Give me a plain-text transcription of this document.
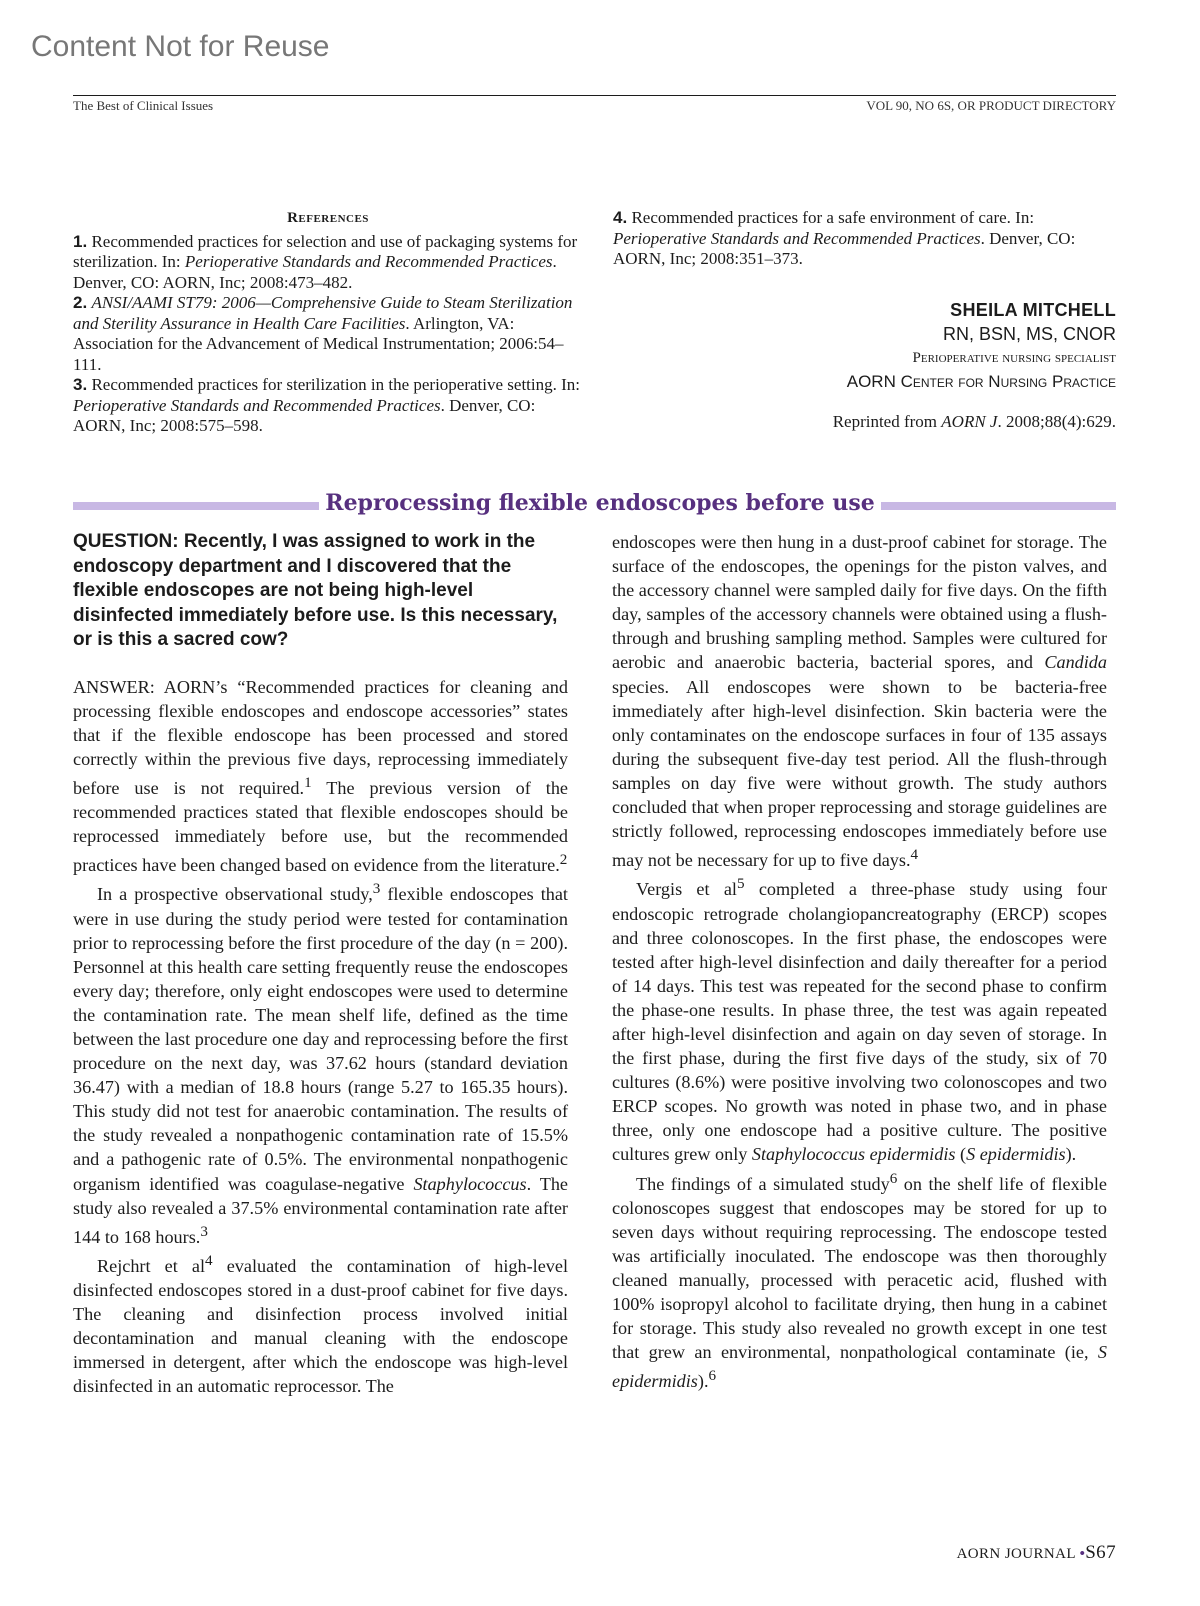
Content Not for Reuse
The Best of Clinical Issues	VOL 90, NO 6S, OR PRODUCT DIRECTORY
References

1. Recommended practices for selection and use of packaging systems for sterilization. In: Perioperative Standards and Recommended Practices. Denver, CO: AORN, Inc; 2008:473–482.

2. ANSI/AAMI ST79: 2006—Comprehensive Guide to Steam Sterilization and Sterility Assurance in Health Care Facilities. Arlington, VA: Association for the Advancement of Medical Instrumentation; 2006:54–111.

3. Recommended practices for sterilization in the perioperative setting. In: Perioperative Standards and Recommended Practices. Denver, CO: AORN, Inc; 2008:575–598.

4. Recommended practices for a safe environment of care. In: Perioperative Standards and Recommended Practices. Denver, CO: AORN, Inc; 2008:351–373.

SHEILA MITCHELL
RN, BSN, MS, CNOR
Perioperative nursing specialist
AORN Center for Nursing Practice
Reprinted from AORN J. 2008;88(4):629.
Reprocessing flexible endoscopes before use

QUESTION: Recently, I was assigned to work in the endoscopy department and I discovered that the flexible endoscopes are not being high-level disinfected immediately before use. Is this necessary, or is this a sacred cow?

ANSWER: AORN’s “Recommended practices for cleaning and processing flexible endoscopes and endoscope accessories” states that if the flexible endoscope has been processed and stored correctly within the previous five days, reprocessing immediately before use is not required.$^1$ The previous version of the recommended practices stated that flexible endoscopes should be reprocessed immediately before use, but the recommended practices have been changed based on evidence from the literature.$^2$

In a prospective observational study,$^3$ flexible endoscopes that were in use during the study period were tested for contamination prior to reprocessing before the first procedure of the day (n = 200). Personnel at this health care setting frequently reuse the endoscopes every day; therefore, only eight endoscopes were used to determine the contamination rate. The mean shelf life, defined as the time between the last procedure one day and reprocessing before the first procedure on the next day, was 37.62 hours (standard deviation 36.47) with a median of 18.8 hours (range 5.27 to 165.35 hours). This study did not test for anaerobic contamination. The results of the study revealed a nonpathogenic contamination rate of 15.5% and a pathogenic rate of 0.5%. The environmental nonpathogenic organism identified was coagulase-negative Staphylococcus. The study also revealed a 37.5% environmental contamination rate after 144 to 168 hours.$^3$

Rejchrt et $al^4$ evaluated the contamination of high-level disinfected endoscopes stored in a dust-proof cabinet for five days. The cleaning and disinfection process involved initial decontamination and manual cleaning with the endoscope immersed in detergent, after which the endoscope was high-level disinfected in an automatic reprocessor. The

endoscopes were then hung in a dust-proof cabinet for storage. The surface of the endoscopes, the openings for the piston valves, and the accessory channel were sampled daily for five days. On the fifth day, samples of the accessory channels were obtained using a flush-through and brushing sampling method. Samples were cultured for aerobic and anaerobic bacteria, bacterial spores, and Candida species. All endoscopes were shown to be bacteria-free immediately after high-level disinfection. Skin bacteria were the only contaminates on the endoscope surfaces in four of 135 assays during the subsequent five-day test period. All the flush-through samples on day five were without growth. The study authors concluded that when proper reprocessing and storage guidelines are strictly followed, reprocessing endoscopes immediately before use may not be necessary for up to five days.$^4$

Vergis et $al^5$ completed a three-phase study using four endoscopic retrograde cholangiopancreatography (ERCP) scopes and three colonoscopes. In the first phase, the endoscopes were tested after high-level disinfection and daily thereafter for a period of 14 days. This test was repeated for the second phase to confirm the phase-one results. In phase three, the test was again repeated after high-level disinfection and again on day seven of storage. In the first phase, during the first five days of the study, six of 70 cultures (8.6%) were positive involving two colonoscopes and two ERCP scopes. No growth was noted in phase two, and in phase three, only one endoscope had a positive culture. The positive cultures grew only Staphylococcus epidermidis (S epidermidis).

The findings of a simulated study$^6$ on the shelf life of flexible colonoscopes suggest that endoscopes may be stored for up to seven days without requiring reprocessing. The endoscope tested was artificially inoculated. The endoscope was then thoroughly cleaned manually, processed with peracetic acid, flushed with 100% isopropyl alcohol to facilitate drying, then hung in a cabinet for storage. This study also revealed no growth except in one test that grew an environmental, nonpathological contaminate (ie, S epidermidis).$^6$

AORN JOURNAL •S67
